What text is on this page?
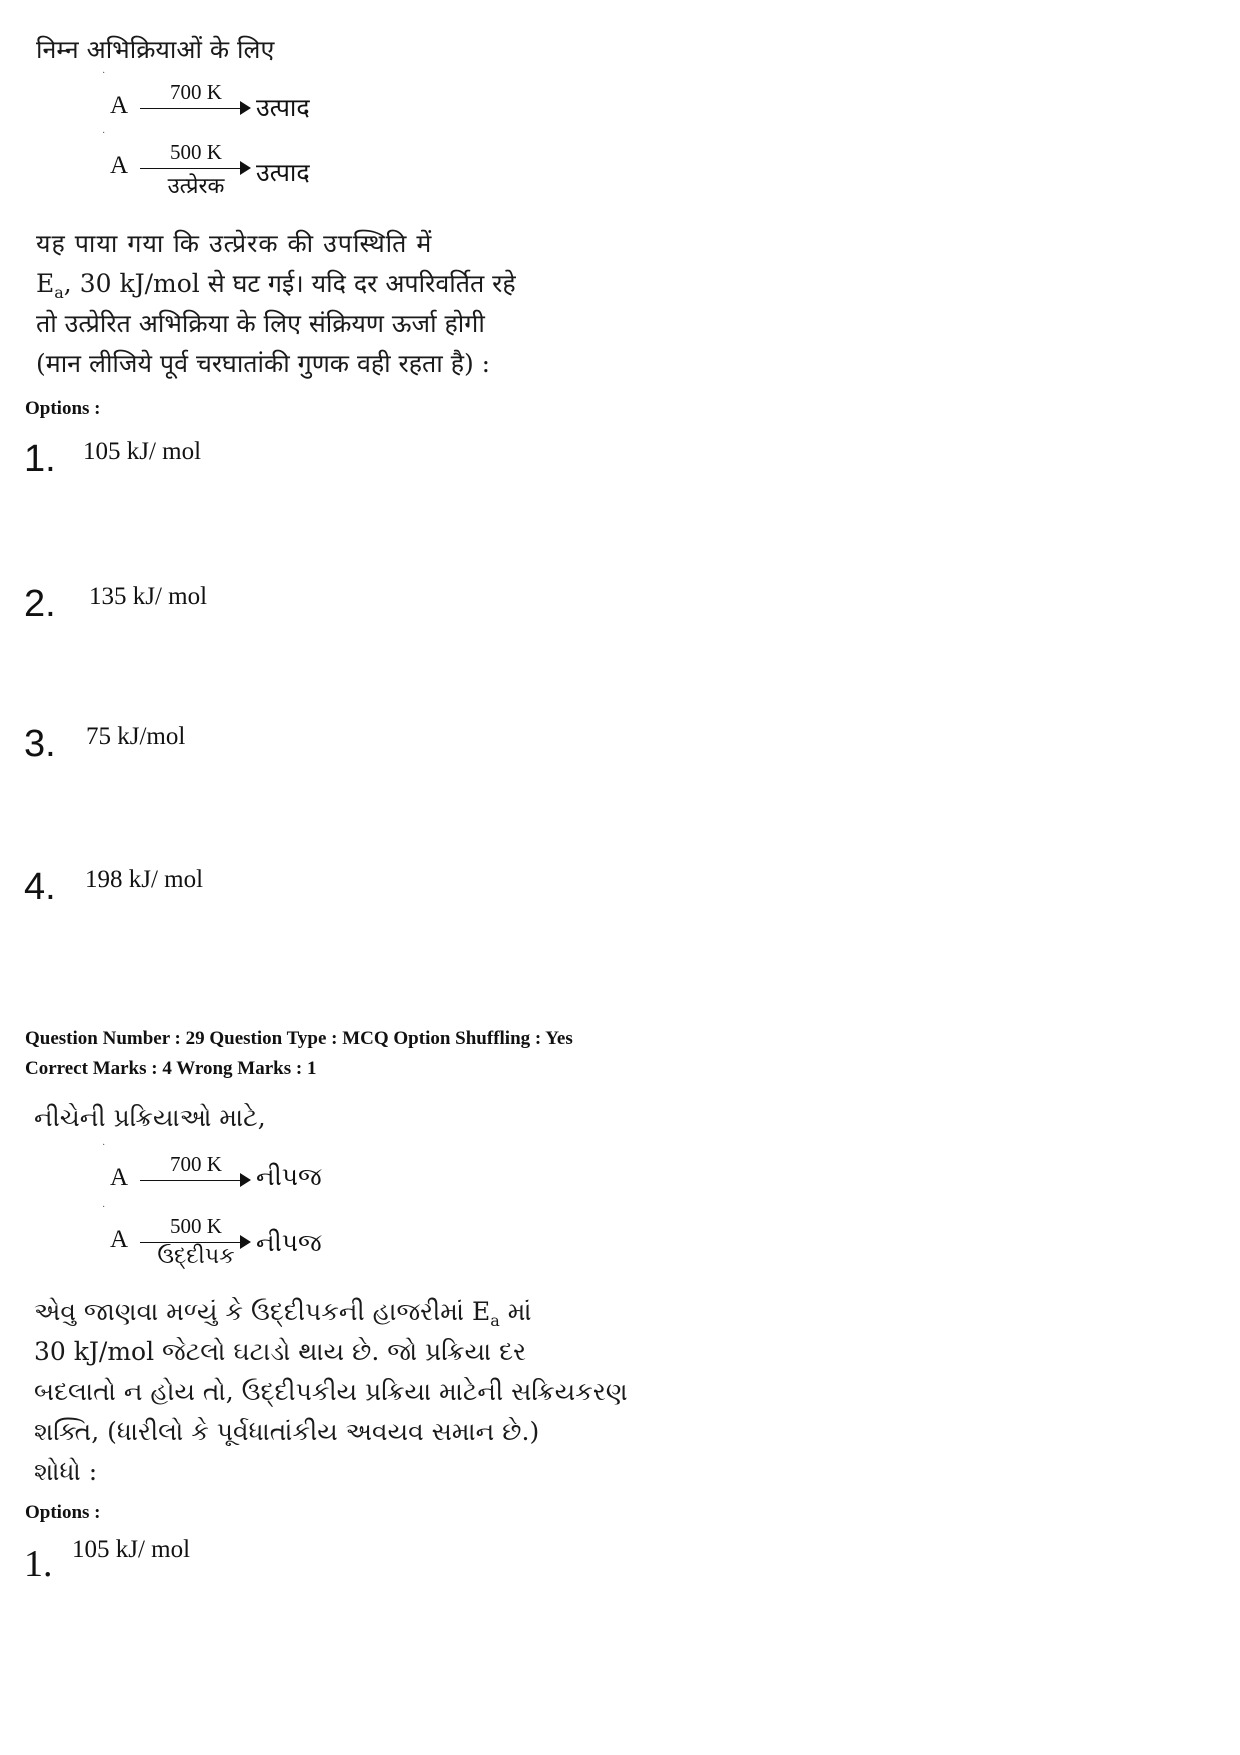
निम्न अभिक्रियाओं के लिए
·
A	700 K
उत्पाद
·
A	500 K
उत्प्रेरक	उत्पाद
यह पाया गया कि उत्प्रेरक की उपस्थिति में
$E_a$, 30 kJ/mol से घट गई। यदि दर अपरिवर्तित रहे
तो उत्प्रेरित अभिक्रिया के लिए संक्रियण ऊर्जा होगी
(मान लीजिये पूर्व चरघातांकी गुणक वही रहता है) :
Options :
1. 105 kJ/ mol
2. 135 kJ/ mol
3. 75 kJ/mol
4. 198 kJ/ mol
Question Number : 29 Question Type : MCQ Option Shuffling : Yes
Correct Marks : 4 Wrong Marks : 1
નીચેની પ્રક્રિયાઓ માટે,
·
A	700 K	નીપજ
·
A	500 K
ઉદ્દીપક નીપજ
એવુ જાણવા મળ્યું કે ઉદ્દીપકની હાજરીમાં $E_a$ માં
30 kJ/mol જેટલો ઘટાડો થાય છે. જો પ્રક્રિયા દર
બદલાતો ન હોય તો, ઉદ્દીપકીય પ્રક્રિયા માટેની સક્રિયકરણ
શક્તિ, (ધારીલો કે પૂર્વધાતાંકીય અવયવ સમાન છે.)
શોધો :
Options :
1. 105 kJ/ mol
